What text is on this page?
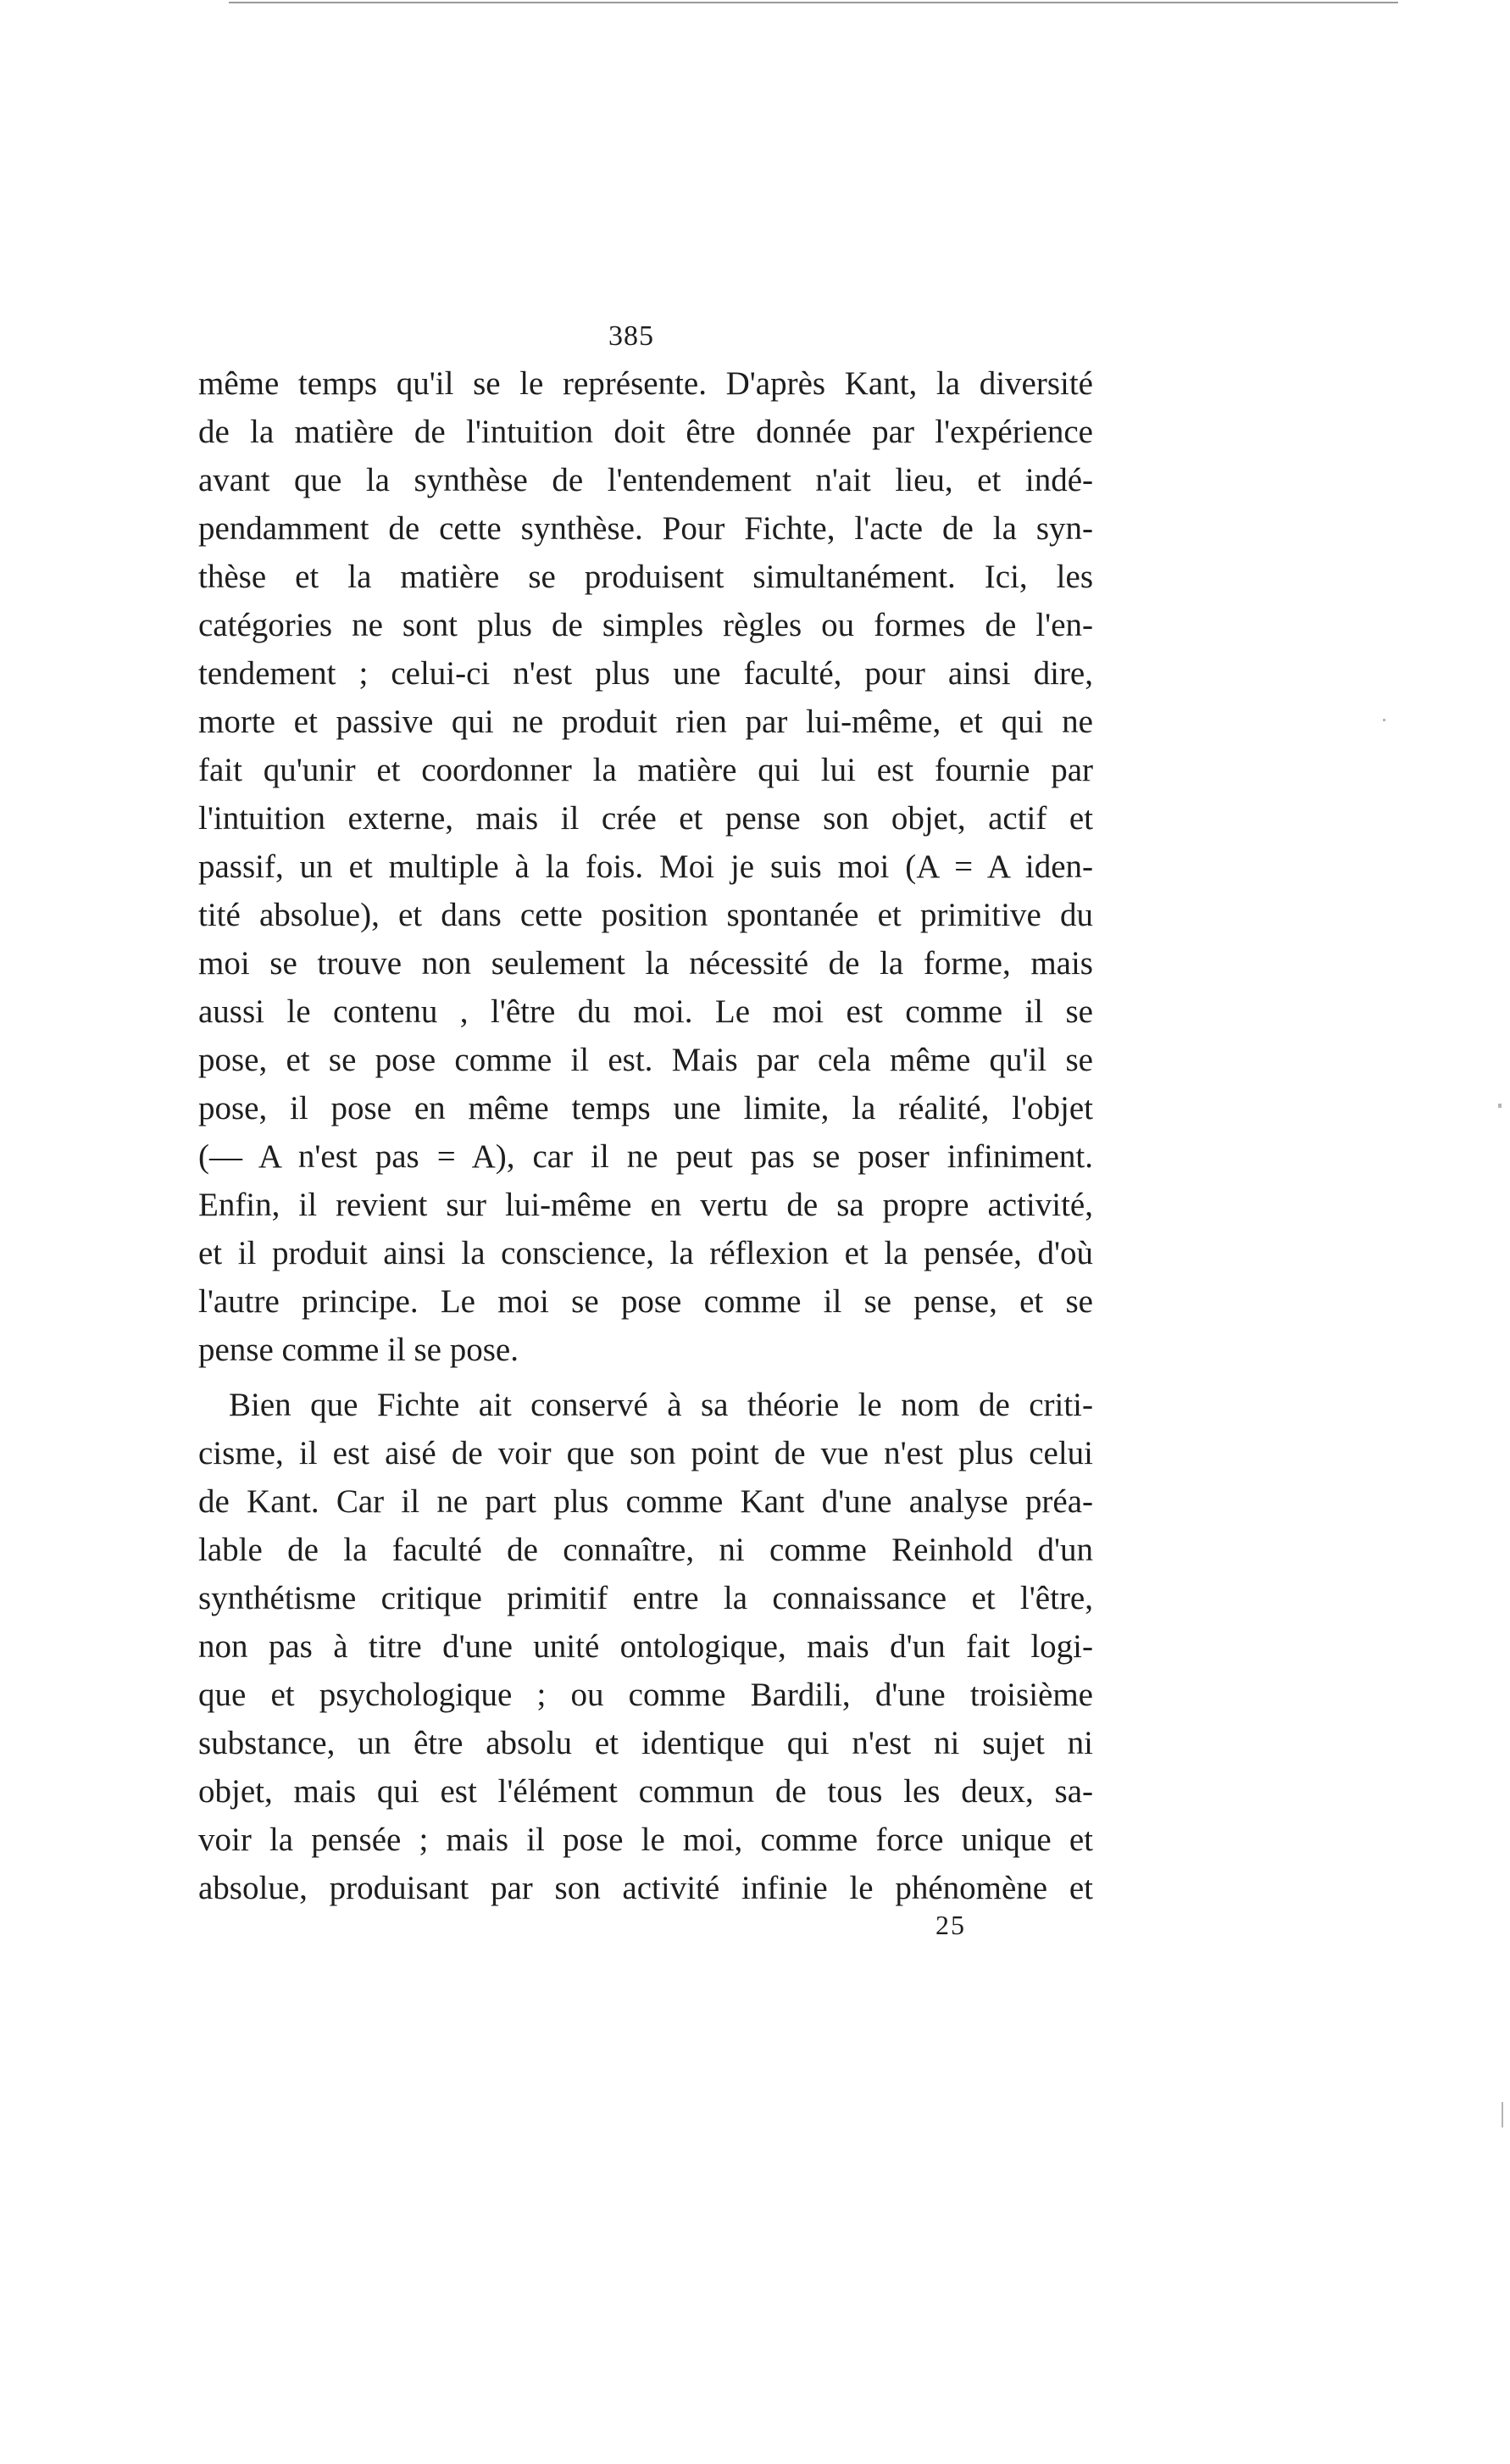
385
même temps qu'il se le représente. D'après Kant, la diversité
de la matière de l'intuition doit être donnée par l'expérience
avant que la synthèse de l'entendement n'ait lieu, et indé-
pendamment de cette synthèse. Pour Fichte, l'acte de la syn-
thèse et la matière se produisent simultanément. Ici, les
catégories ne sont plus de simples règles ou formes de l'en-
tendement ; celui-ci n'est plus une faculté, pour ainsi dire,
morte et passive qui ne produit rien par lui-même, et qui ne
fait qu'unir et coordonner la matière qui lui est fournie par
l'intuition externe, mais il crée et pense son objet, actif et
passif, un et multiple à la fois. Moi je suis moi (A = A iden-
tité absolue), et dans cette position spontanée et primitive du
moi se trouve non seulement la nécessité de la forme, mais
aussi le contenu , l'être du moi. Le moi est comme il se
pose, et se pose comme il est. Mais par cela même qu'il se
pose, il pose en même temps une limite, la réalité, l'objet
(— A n'est pas = A), car il ne peut pas se poser infiniment.
Enfin, il revient sur lui-même en vertu de sa propre activité,
et il produit ainsi la conscience, la réflexion et la pensée, d'où
l'autre principe. Le moi se pose comme il se pense, et se
pense comme il se pose.
Bien que Fichte ait conservé à sa théorie le nom de criti-
cisme, il est aisé de voir que son point de vue n'est plus celui
de Kant. Car il ne part plus comme Kant d'une analyse préa-
lable de la faculté de connaître, ni comme Reinhold d'un
synthétisme critique primitif entre la connaissance et l'être,
non pas à titre d'une unité ontologique, mais d'un fait logi-
que et psychologique ; ou comme Bardili, d'une troisième
substance, un être absolu et identique qui n'est ni sujet ni
objet, mais qui est l'élément commun de tous les deux, sa-
voir la pensée ; mais il pose le moi, comme force unique et
absolue, produisant par son activité infinie le phénomène et
25
